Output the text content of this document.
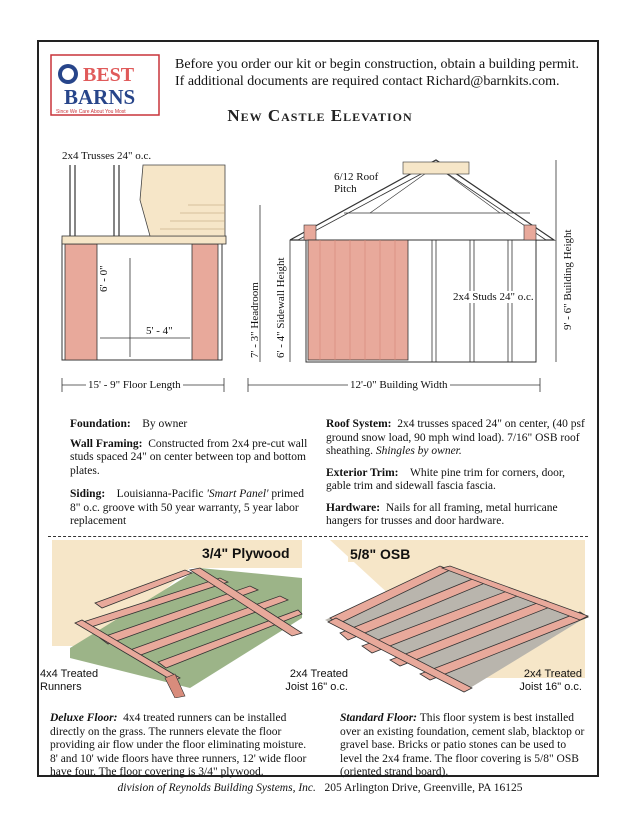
BEST
BARNS
Since We Care About You Most
Before you order our kit or begin construction, obtain a building permit.
If additional documents are required contact Richard@barnkits.com.
New Castle Elevation
2x4 Trusses 24" o.c.
6' - 0"
5' - 4"
15' - 9" Floor Length
6/12 Roof Pitch
7' - 3" Headroom 6' - 4" Sidewall Height	2x4 Studs 24" o.c.	9' - 6" Building Height
12'-0" Building Width
Foundation: By owner
Wall Framing: Constructed from 2x4 pre-cut wall studs spaced 24" on center between top and bottom plates.
Siding: Louisianna-Pacific 'Smart Panel' primed 8" o.c. groove with 50 year warranty, 5 year labor replacement
Roof System: 2x4 trusses spaced 24" on center, (40 psf ground snow load, 90 mph wind load). 7/16" OSB roof sheathing. Shingles by owner.
Exterior Trim: White pine trim for corners, door, gable trim and sidewall fascia fascia.
Hardware: Nails for all framing, metal hurricane hangers for trusses and door hardware.
3/4" Plywood	5/8" OSB
4x4 Treated Runners
2x4 Treated Joist 16" o.c.
2x4 Treated Joist 16" o.c.
Deluxe Floor: 4x4 treated runners can be installed directly on the grass. The runners elevate the floor providing air flow under the floor eliminating moisture. 8' and 10' wide floors have three runners, 12' wide floor have four. The floor covering is 3/4" plywood.
Standard Floor: This floor system is best installed over an existing foundation, cement slab, blacktop or gravel base. Bricks or patio stones can be used to level the 2x4 frame. The floor covering is 5/8" OSB (oriented strand board).
division of Reynolds Building Systems, Inc. 205 Arlington Drive, Greenville, PA 16125
